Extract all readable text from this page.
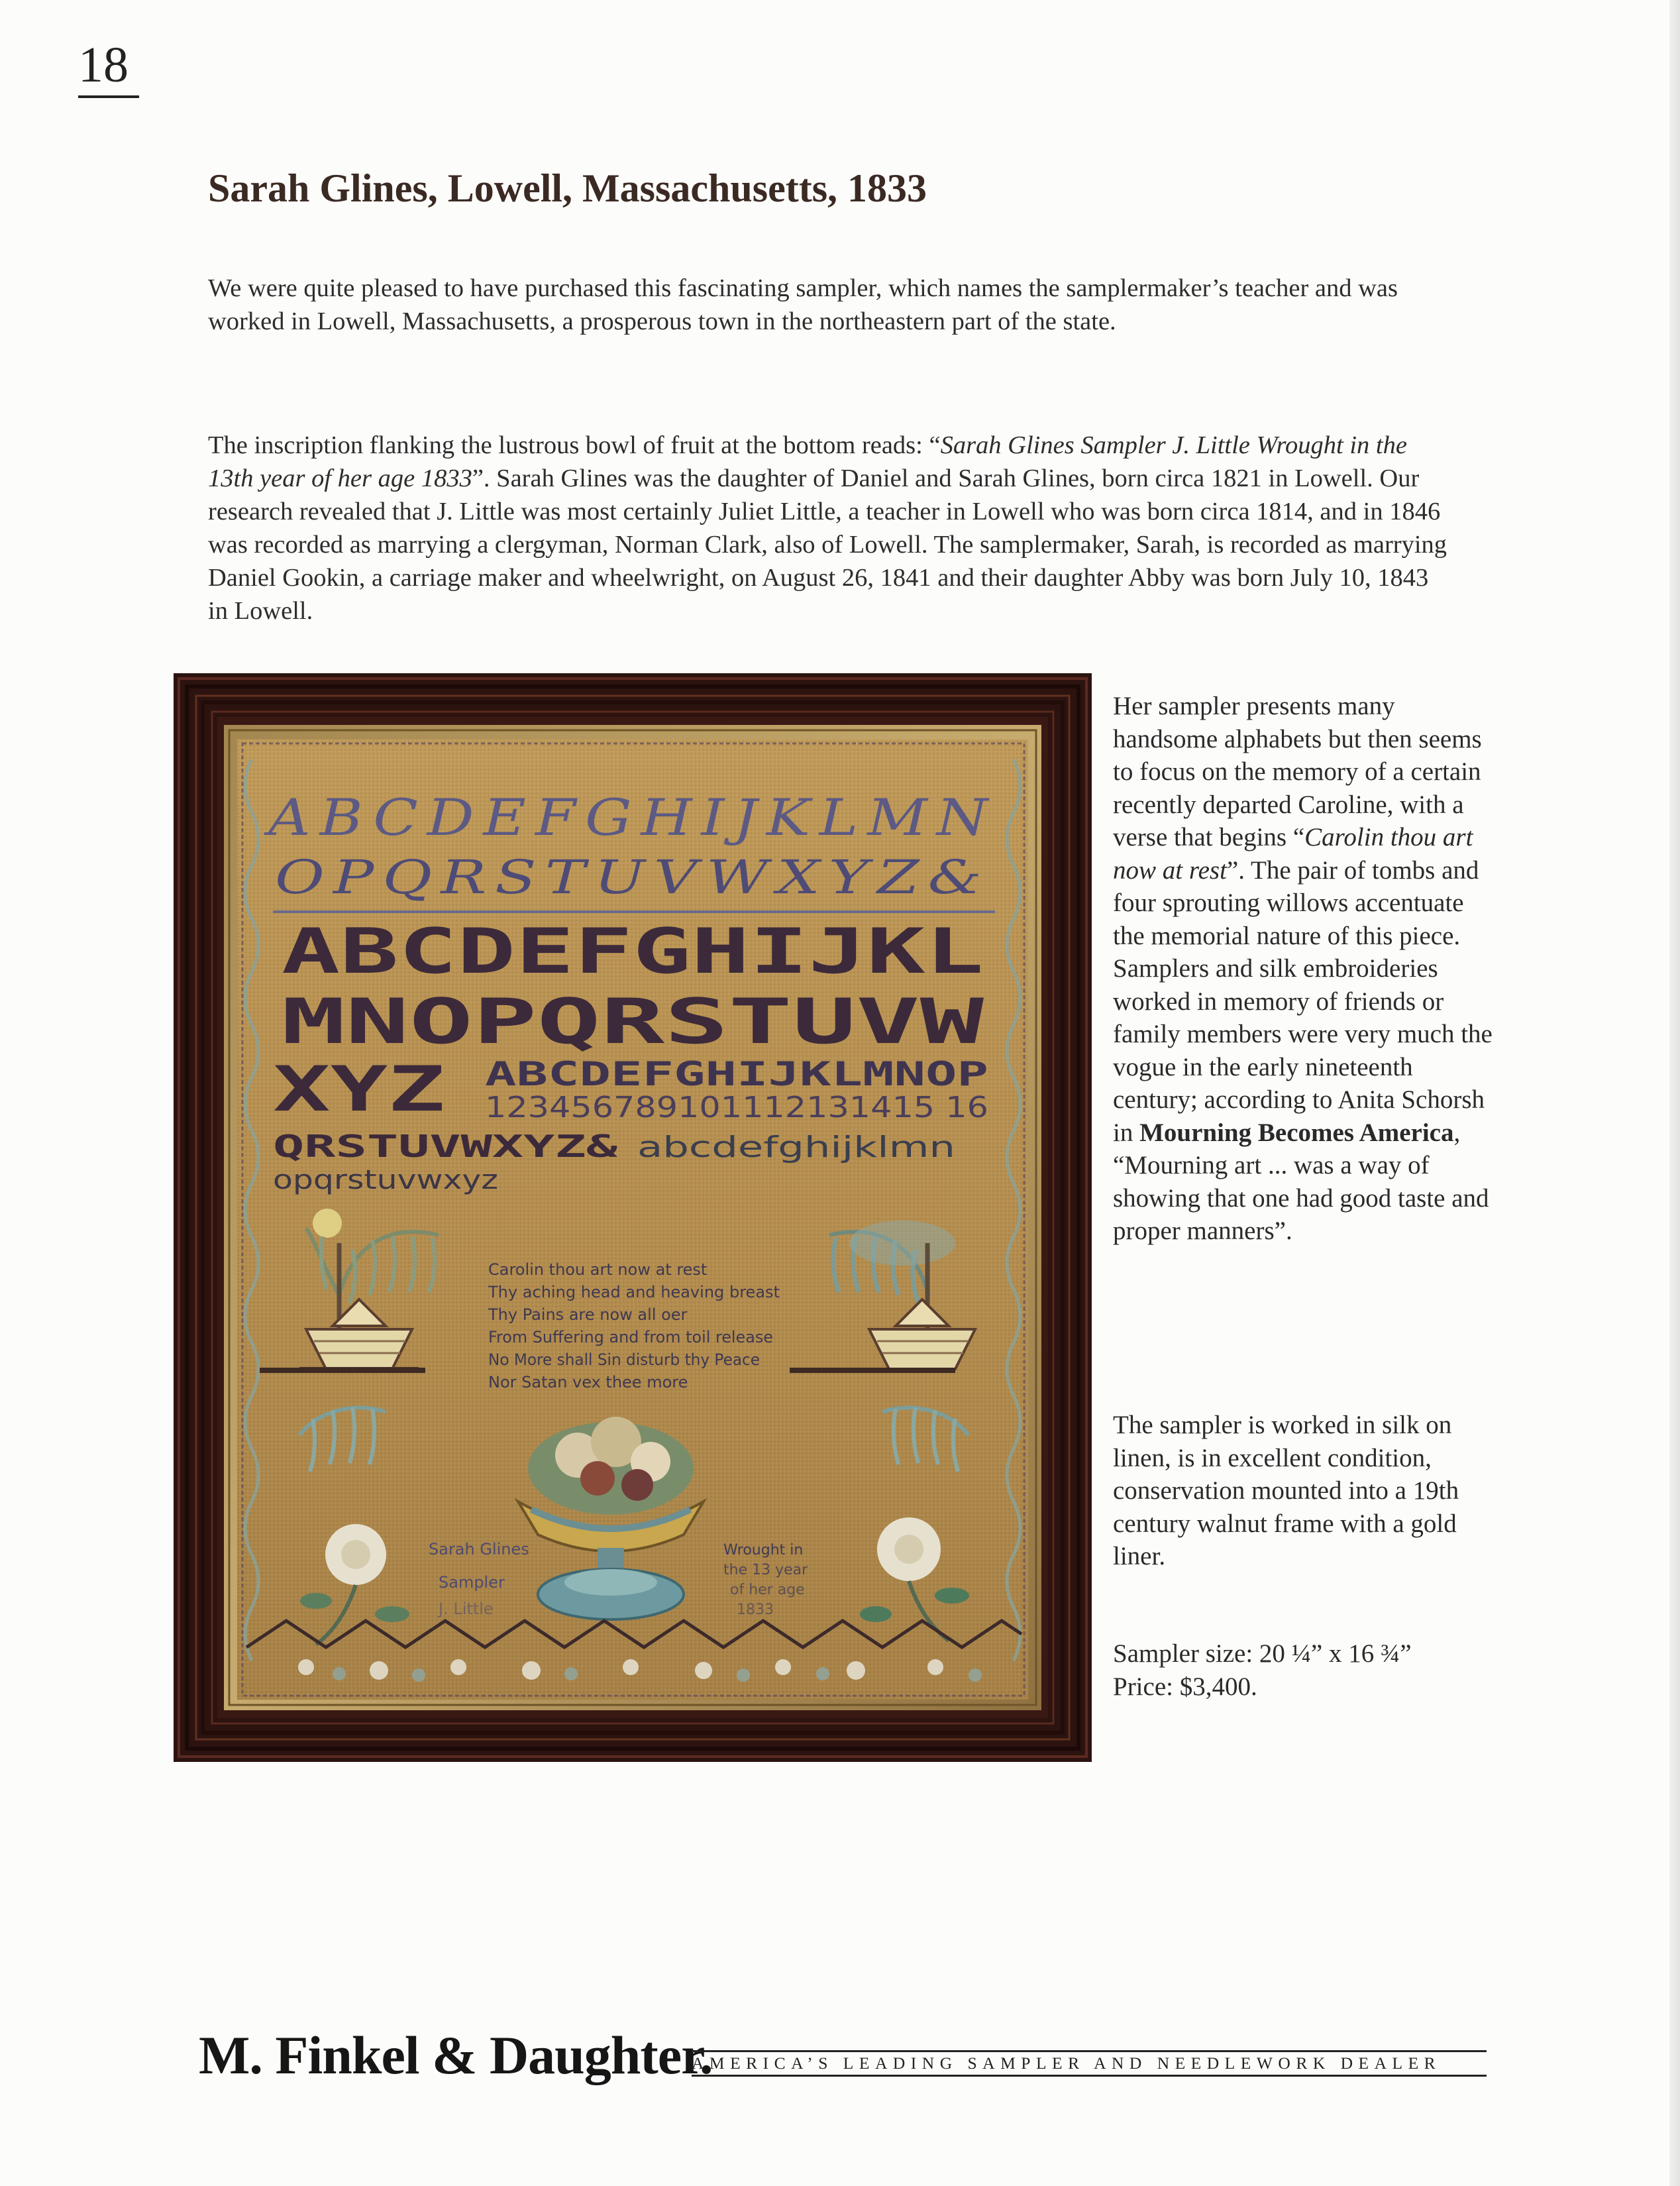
18
Sarah Glines, Lowell, Massachusetts, 1833

We were quite pleased to have purchased this fascinating sampler, which names the samplermaker’s teacher and was worked in Lowell, Massachusetts, a prosperous town in the northeastern part of the state.

The inscription flanking the lustrous bowl of fruit at the bottom reads: “Sarah Glines Sampler J. Little Wrought in the 13th year of her age 1833”. Sarah Glines was the daughter of Daniel and Sarah Glines, born circa 1821 in Lowell. Our research revealed that J. Little was most certainly Juliet Little, a teacher in Lowell who was born circa 1814, and in 1846 was recorded as marrying a clergyman, Norman Clark, also of Lowell. The samplermaker, Sarah, is recorded as marrying Daniel Gookin, a carriage maker and wheelwright, on August 26, 1841 and their daughter Abby was born July 10, 1843 in Lowell.

ABCDEFGHIJKLMN
OPQRSTUVWXYZ&
ABCDEFGHIJKL
MNOPQRSTUVW
XYZ ABCDEFGHIJKLMNOP
123456789101112131415 16
QRSTUVWXYZ& abcdefghijklmn
opqrstuvwxyz
Carolin thou art now at rest
Thy aching head and heaving breast
Thy Pains are now all oer
From Suffering and from toil release
No More shall Sin disturb thy Peace
Nor Satan vex thee more
Sarah Glines
Sampler
J. Little
Wrought in
the 13 year
of her age
1833

Her sampler presents many handsome alphabets but then seems to focus on the memory of a certain recently departed Caroline, with a verse that begins “Carolin thou art now at rest”. The pair of tombs and four sprouting willows accentuate the memorial nature of this piece. Samplers and silk embroideries worked in memory of friends or family members were very much the vogue in the early nineteenth century; according to Anita Schorsh in Mourning Becomes America, “Mourning art ... was a way of showing that one had good taste and proper manners”.

The sampler is worked in silk on linen, is in excellent condition, conservation mounted into a 19th century walnut frame with a gold liner.

Sampler size: 20 ¼” x 16 ¾”

Price: $3,400.

M. Finkel & Daughter.
AMERICA’S LEADING SAMPLER AND NEEDLEWORK DEALER
